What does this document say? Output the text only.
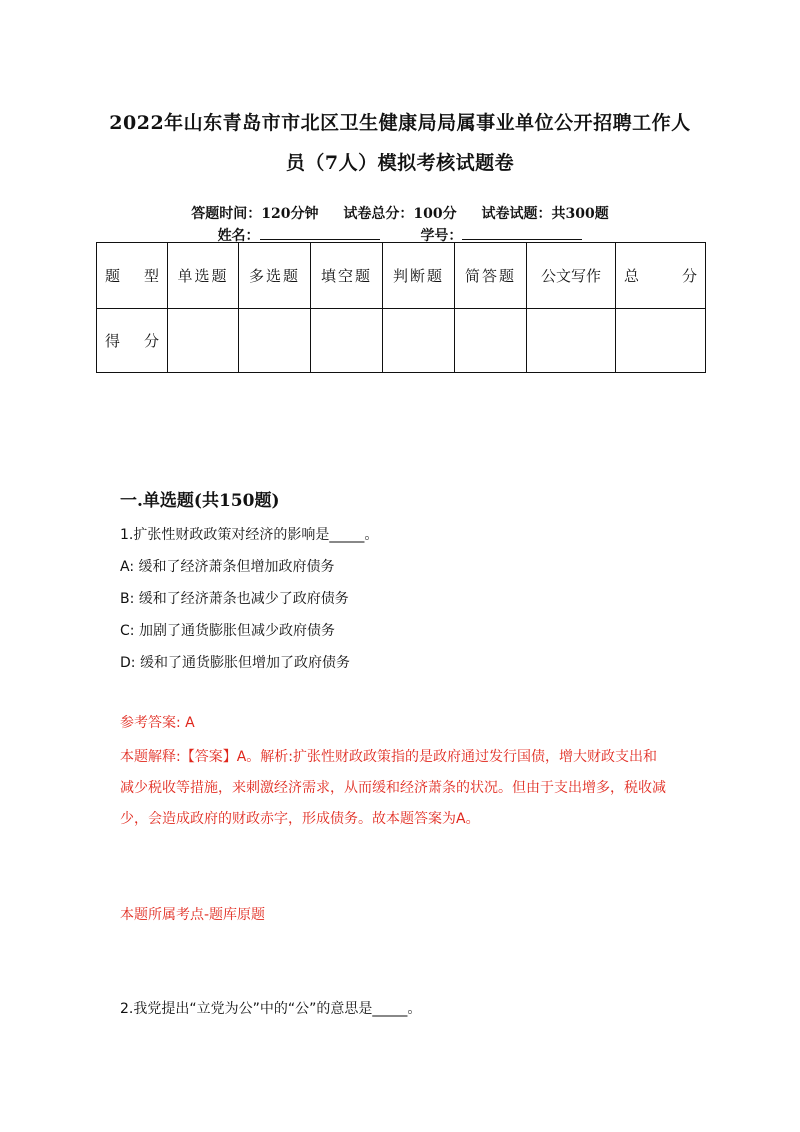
2022年山东青岛市市北区卫生健康局局属事业单位公开招聘工作人
员（7人）模拟考核试题卷
答题时间：120分钟 试卷总分：100分 试卷试题：共300题
姓名：	学号：
题 型	单选题	多选题	填空题	判断题	简答题	公文写作	总 分

得 分							

一.单选题(共150题)
1.扩张性财政政策对经济的影响是_____。
A: 缓和了经济萧条但增加政府债务
B: 缓和了经济萧条也减少了政府债务
C: 加剧了通货膨胀但减少政府债务
D: 缓和了通货膨胀但增加了政府债务
参考答案: A
本题解释:【答案】A。解析:扩张性财政政策指的是政府通过发行国债，增大财政支出和减少税收等措施，来刺激经济需求，从而缓和经济萧条的状况。但由于支出增多，税收减少，会造成政府的财政赤字，形成债务。故本题答案为A。
本题所属考点-题库原题
2.我党提出“立党为公”中的“公”的意思是_____。
